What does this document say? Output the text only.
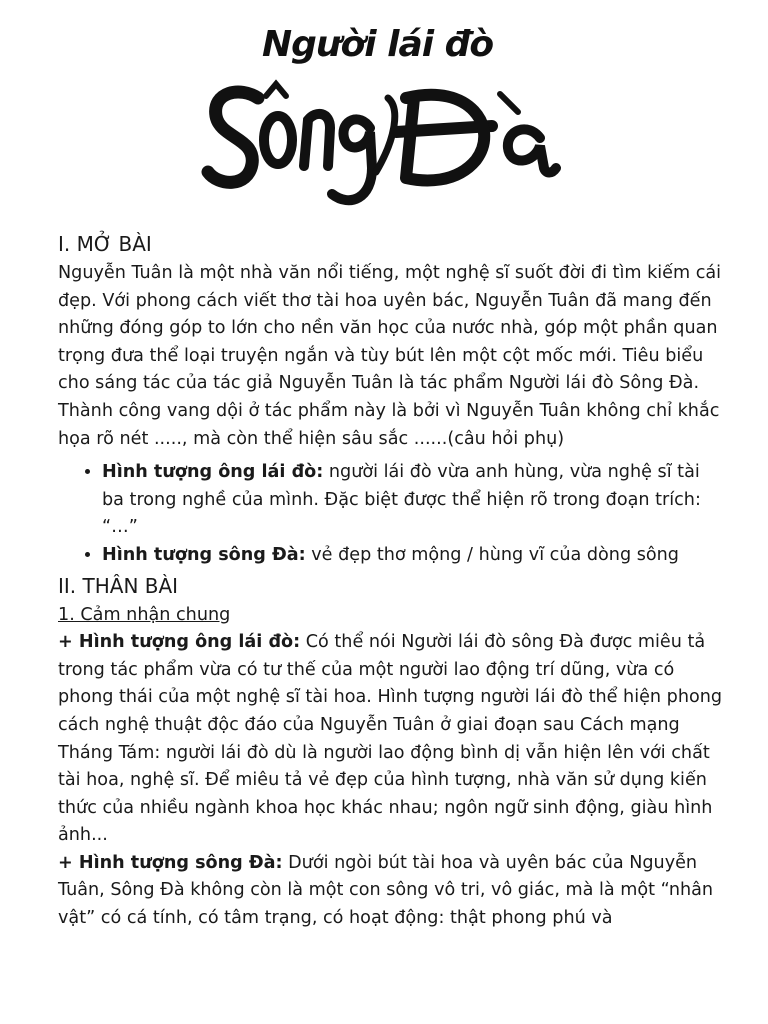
Người lái đò
I. MỞ BÀI

Nguyễn Tuân là một nhà văn nổi tiếng, một nghệ sĩ suốt đời đi tìm kiếm cái đẹp. Với phong cách viết thơ tài hoa uyên bác, Nguyễn Tuân đã mang đến những đóng góp to lớn cho nền văn học của nước nhà, góp một phần quan trọng đưa thể loại truyện ngắn và tùy bút lên một cột mốc mới. Tiêu biểu cho sáng tác của tác giả Nguyễn Tuân là tác phẩm Người lái đò Sông Đà. Thành công vang dội ở tác phẩm này là bởi vì Nguyễn Tuân không chỉ khắc họa rõ nét ....., mà còn thể hiện sâu sắc ......(câu hỏi phụ)

• Hình tượng ông lái đò: người lái đò vừa anh hùng, vừa nghệ sĩ tài ba trong nghề của mình. Đặc biệt được thể hiện rõ trong đoạn trích: “…”
• Hình tượng sông Đà: vẻ đẹp thơ mộng / hùng vĩ của dòng sông
II. THÂN BÀI

1. Cảm nhận chung

+ Hình tượng ông lái đò: Có thể nói Người lái đò sông Đà được miêu tả trong tác phẩm vừa có tư thế của một người lao động trí dũng, vừa có phong thái của một nghệ sĩ tài hoa. Hình tượng người lái đò thể hiện phong cách nghệ thuật độc đáo của Nguyễn Tuân ở giai đoạn sau Cách mạng Tháng Tám: người lái đò dù là người lao động bình dị vẫn hiện lên với chất tài hoa, nghệ sĩ. Để miêu tả vẻ đẹp của hình tượng, nhà văn sử dụng kiến thức của nhiều ngành khoa học khác nhau; ngôn ngữ sinh động, giàu hình ảnh...

+ Hình tượng sông Đà: Dưới ngòi bút tài hoa và uyên bác của Nguyễn Tuân, Sông Đà không còn là một con sông vô tri, vô giác, mà là một “nhân vật” có cá tính, có tâm trạng, có hoạt động: thật phong phú và
